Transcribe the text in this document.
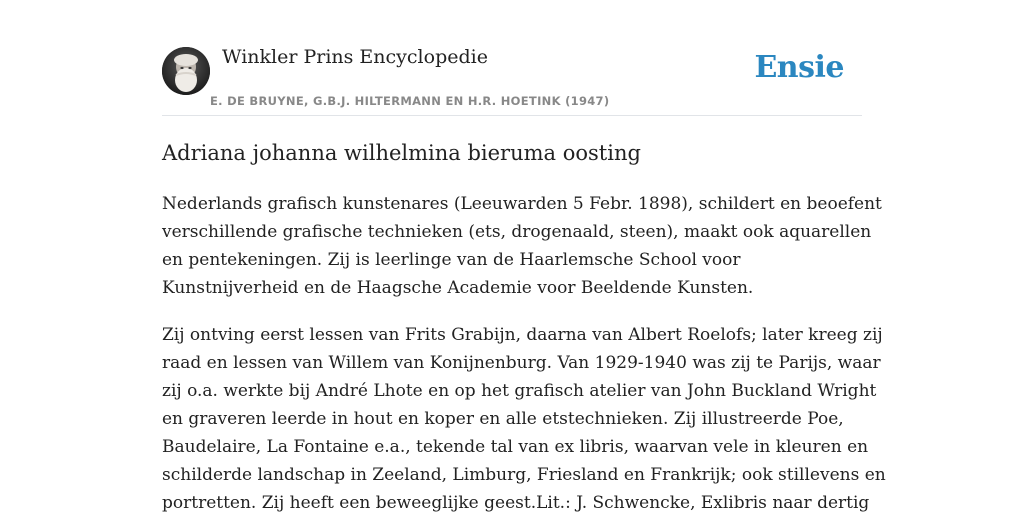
Winkler Prins Encyclopedie
E. DE BRUYNE, G.B.J. HILTERMANN EN H.R. HOETINK (1947)
Ensie
Adriana johanna wilhelmina bieruma oosting

Nederlands grafisch kunstenares (Leeuwarden 5 Febr. 1898), schildert en beoefent
verschillende grafische technieken (ets, drogenaald, steen), maakt ook aquarellen
en pentekeningen. Zij is leerlinge van de Haarlemsche School voor
Kunstnijverheid en de Haagsche Academie voor Beeldende Kunsten.

Zij ontving eerst lessen van Frits Grabijn, daarna van Albert Roelofs; later kreeg zij
raad en lessen van Willem van Konijnenburg. Van 1929-1940 was zij te Parijs, waar
zij o.a. werkte bij André Lhote en op het grafisch atelier van John Buckland Wright
en graveren leerde in hout en koper en alle etstechnieken. Zij illustreerde Poe,
Baudelaire, La Fontaine e.a., tekende tal van ex libris, waarvan vele in kleuren en
schilderde landschap in Zeeland, Limburg, Friesland en Frankrijk; ook stillevens en
portretten. Zij heeft een beweeglijke geest.Lit.: J. Schwencke, Exlibris naar dertig
